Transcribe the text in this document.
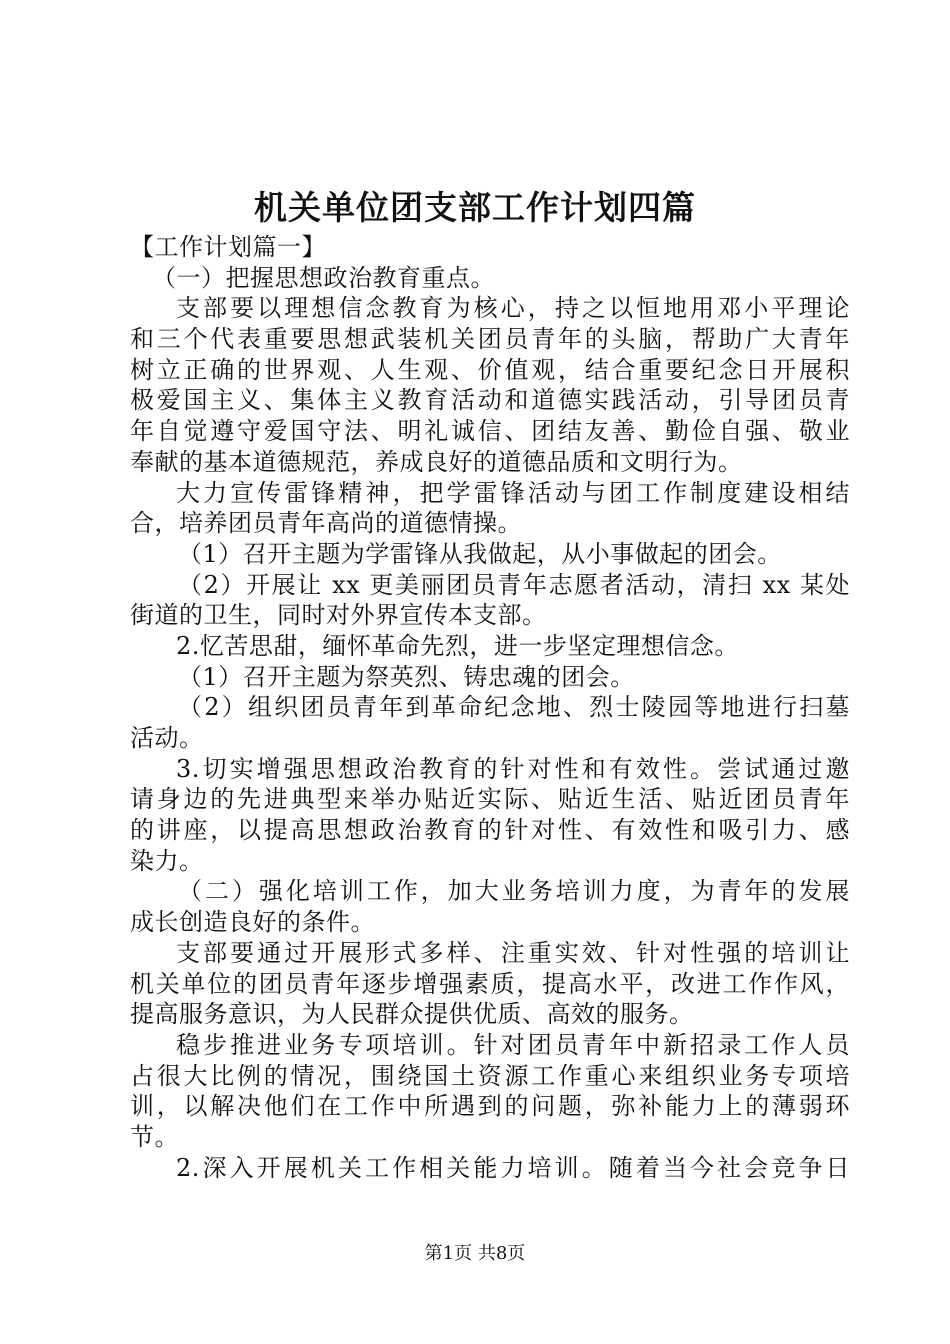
机关单位团支部工作计划四篇
【工作计划篇一】
（一）把握思想政治教育重点。
支部要以理想信念教育为核心，持之以恒地用邓小平理论
和三个代表重要思想武装机关团员青年的头脑，帮助广大青年
树立正确的世界观、人生观、价值观，结合重要纪念日开展积
极爱国主义、集体主义教育活动和道德实践活动，引导团员青
年自觉遵守爱国守法、明礼诚信、团结友善、勤俭自强、敬业
奉献的基本道德规范，养成良好的道德品质和文明行为。
大力宣传雷锋精神，把学雷锋活动与团工作制度建设相结
合，培养团员青年高尚的道德情操。
（1）召开主题为学雷锋从我做起，从小事做起的团会。
（2）开展让 xx 更美丽团员青年志愿者活动，清扫 xx 某处
街道的卫生，同时对外界宣传本支部。
2.忆苦思甜，缅怀革命先烈，进一步坚定理想信念。
（1）召开主题为祭英烈、铸忠魂的团会。
（2）组织团员青年到革命纪念地、烈士陵园等地进行扫墓
活动。
3.切实增强思想政治教育的针对性和有效性。尝试通过邀
请身边的先进典型来举办贴近实际、贴近生活、贴近团员青年
的讲座，以提高思想政治教育的针对性、有效性和吸引力、感
染力。
（二）强化培训工作，加大业务培训力度，为青年的发展
成长创造良好的条件。
支部要通过开展形式多样、注重实效、针对性强的培训让
机关单位的团员青年逐步增强素质，提高水平，改进工作作风，
提高服务意识，为人民群众提供优质、高效的服务。
稳步推进业务专项培训。针对团员青年中新招录工作人员
占很大比例的情况，围绕国土资源工作重心来组织业务专项培
训，以解决他们在工作中所遇到的问题，弥补能力上的薄弱环
节。
2.深入开展机关工作相关能力培训。随着当今社会竞争日
第1页 共8页
